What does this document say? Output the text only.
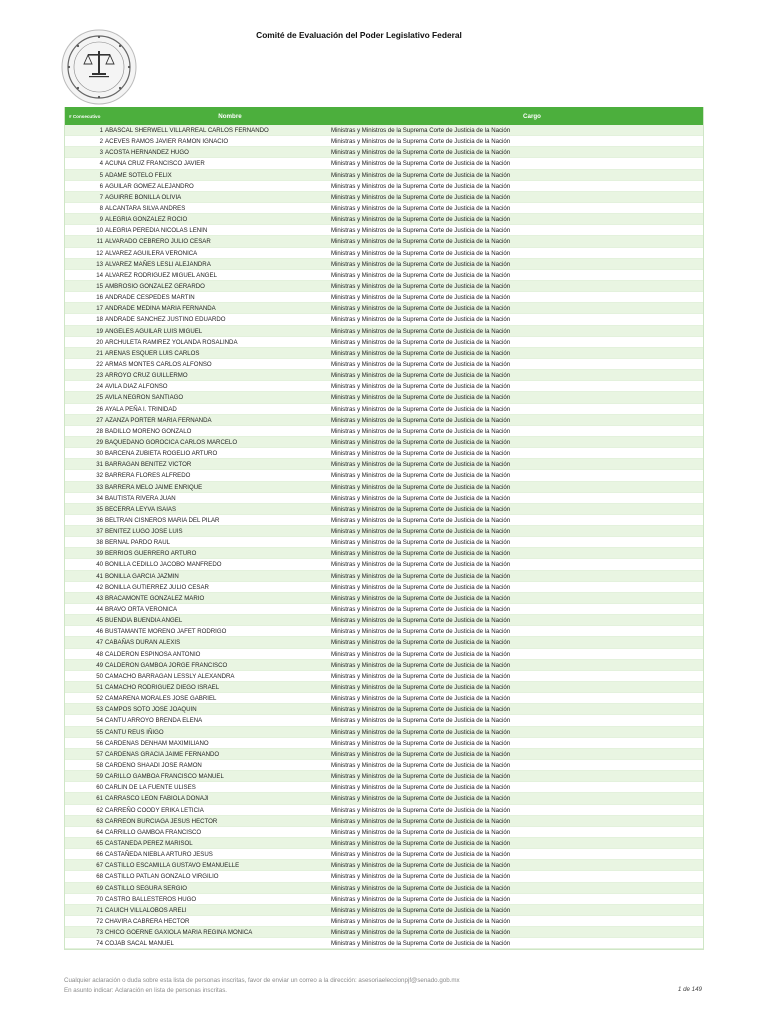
Comité de Evaluación del Poder Legislativo Federal
# Consecutivo	Nombre	Cargo
1 ABASCAL SHERWELL VILLARREAL CARLOS FERNANDO	Ministras y Ministros de la Suprema Corte de Justicia de la Nación
2 ACEVES RAMOS JAVIER RAMON IGNACIO	Ministras y Ministros de la Suprema Corte de Justicia de la Nación
3 ACOSTA HERNANDEZ HUGO	Ministras y Ministros de la Suprema Corte de Justicia de la Nación
4 ACUNA CRUZ FRANCISCO JAVIER	Ministras y Ministros de la Suprema Corte de Justicia de la Nación
5 ADAME SOTELO FELIX	Ministras y Ministros de la Suprema Corte de Justicia de la Nación
6 AGUILAR GOMEZ ALEJANDRO	Ministras y Ministros de la Suprema Corte de Justicia de la Nación
7 AGUIRRE BONILLA OLIVIA	Ministras y Ministros de la Suprema Corte de Justicia de la Nación
8 ALCANTARA SILVA ANDRES	Ministras y Ministros de la Suprema Corte de Justicia de la Nación
9 ALEGRIA GONZALEZ ROCIO	Ministras y Ministros de la Suprema Corte de Justicia de la Nación
10 ALEGRIA PEREDIA NICOLAS LENIN	Ministras y Ministros de la Suprema Corte de Justicia de la Nación
11 ALVARADO CEBRERO JULIO CESAR	Ministras y Ministros de la Suprema Corte de Justicia de la Nación
12 ALVAREZ AGUILERA VERONICA	Ministras y Ministros de la Suprema Corte de Justicia de la Nación
13 ALVAREZ MAÑES LESLI ALEJANDRA	Ministras y Ministros de la Suprema Corte de Justicia de la Nación
14 ALVAREZ RODRIGUEZ MIGUEL ANGEL	Ministras y Ministros de la Suprema Corte de Justicia de la Nación
15 AMBROSIO GONZALEZ GERARDO	Ministras y Ministros de la Suprema Corte de Justicia de la Nación
16 ANDRADE CESPEDES MARTIN	Ministras y Ministros de la Suprema Corte de Justicia de la Nación
17 ANDRADE MEDINA MARIA FERNANDA	Ministras y Ministros de la Suprema Corte de Justicia de la Nación
18 ANDRADE SANCHEZ JUSTINO EDUARDO	Ministras y Ministros de la Suprema Corte de Justicia de la Nación
19 ANGELES AGUILAR LUIS MIGUEL	Ministras y Ministros de la Suprema Corte de Justicia de la Nación
20 ARCHULETA RAMIREZ YOLANDA ROSALINDA	Ministras y Ministros de la Suprema Corte de Justicia de la Nación
21 ARENAS ESQUER LUIS CARLOS	Ministras y Ministros de la Suprema Corte de Justicia de la Nación
22 ARMAS MONTES CARLOS ALFONSO	Ministras y Ministros de la Suprema Corte de Justicia de la Nación
23 ARROYO CRUZ GUILLERMO	Ministras y Ministros de la Suprema Corte de Justicia de la Nación
24 AVILA DIAZ ALFONSO	Ministras y Ministros de la Suprema Corte de Justicia de la Nación
25 AVILA NEGRON SANTIAGO	Ministras y Ministros de la Suprema Corte de Justicia de la Nación
26 AYALA PEÑA I. TRINIDAD	Ministras y Ministros de la Suprema Corte de Justicia de la Nación
27 AZANZA PORTER MARIA FERNANDA	Ministras y Ministros de la Suprema Corte de Justicia de la Nación
28 BADILLO MORENO GONZALO	Ministras y Ministros de la Suprema Corte de Justicia de la Nación
29 BAQUEDANO GOROCICA CARLOS MARCELO	Ministras y Ministros de la Suprema Corte de Justicia de la Nación
30 BARCENA ZUBIETA ROGELIO ARTURO	Ministras y Ministros de la Suprema Corte de Justicia de la Nación
31 BARRAGAN BENITEZ VICTOR	Ministras y Ministros de la Suprema Corte de Justicia de la Nación
32 BARRERA FLORES ALFREDO	Ministras y Ministros de la Suprema Corte de Justicia de la Nación
33 BARRERA MELO JAIME ENRIQUE	Ministras y Ministros de la Suprema Corte de Justicia de la Nación
34 BAUTISTA RIVERA JUAN	Ministras y Ministros de la Suprema Corte de Justicia de la Nación
35 BECERRA LEYVA ISAIAS	Ministras y Ministros de la Suprema Corte de Justicia de la Nación
36 BELTRAN CISNEROS MARIA DEL PILAR	Ministras y Ministros de la Suprema Corte de Justicia de la Nación
37 BENITEZ LUGO JOSE LUIS	Ministras y Ministros de la Suprema Corte de Justicia de la Nación
38 BERNAL PARDO RAUL	Ministras y Ministros de la Suprema Corte de Justicia de la Nación
39 BERRIOS GUERRERO ARTURO	Ministras y Ministros de la Suprema Corte de Justicia de la Nación
40 BONILLA CEDILLO JACOBO MANFREDO	Ministras y Ministros de la Suprema Corte de Justicia de la Nación
41 BONILLA GARCIA JAZMIN	Ministras y Ministros de la Suprema Corte de Justicia de la Nación
42 BONILLA GUTIERREZ JULIO CESAR	Ministras y Ministros de la Suprema Corte de Justicia de la Nación
43 BRACAMONTE GONZALEZ MARIO	Ministras y Ministros de la Suprema Corte de Justicia de la Nación
44 BRAVO ORTA VERONICA	Ministras y Ministros de la Suprema Corte de Justicia de la Nación
45 BUENDIA BUENDIA ANGEL	Ministras y Ministros de la Suprema Corte de Justicia de la Nación
46 BUSTAMANTE MORENO JAFET RODRIGO	Ministras y Ministros de la Suprema Corte de Justicia de la Nación
47 CABAÑAS DURAN ALEXIS	Ministras y Ministros de la Suprema Corte de Justicia de la Nación
48 CALDERON ESPINOSA ANTONIO	Ministras y Ministros de la Suprema Corte de Justicia de la Nación
49 CALDERON GAMBOA JORGE FRANCISCO	Ministras y Ministros de la Suprema Corte de Justicia de la Nación
50 CAMACHO BARRAGAN LESSLY ALEXANDRA	Ministras y Ministros de la Suprema Corte de Justicia de la Nación
51 CAMACHO RODRIGUEZ DIEGO ISRAEL	Ministras y Ministros de la Suprema Corte de Justicia de la Nación
52 CAMARENA MORALES JOSE GABRIEL	Ministras y Ministros de la Suprema Corte de Justicia de la Nación
53 CAMPOS SOTO JOSE JOAQUIN	Ministras y Ministros de la Suprema Corte de Justicia de la Nación
54 CANTU ARROYO BRENDA ELENA	Ministras y Ministros de la Suprema Corte de Justicia de la Nación
55 CANTU REUS IÑIGO	Ministras y Ministros de la Suprema Corte de Justicia de la Nación
56 CARDENAS DENHAM MAXIMILIANO	Ministras y Ministros de la Suprema Corte de Justicia de la Nación
57 CARDENAS GRACIA JAIME FERNANDO	Ministras y Ministros de la Suprema Corte de Justicia de la Nación
58 CARDENO SHAADI JOSE RAMON	Ministras y Ministros de la Suprema Corte de Justicia de la Nación
59 CARILLO GAMBOA FRANCISCO MANUEL	Ministras y Ministros de la Suprema Corte de Justicia de la Nación
60 CARLIN DE LA FUENTE ULISES	Ministras y Ministros de la Suprema Corte de Justicia de la Nación
61 CARRASCO LEON FABIOLA DONAJI	Ministras y Ministros de la Suprema Corte de Justicia de la Nación
62 CARREÑO COODY ERIKA LETICIA	Ministras y Ministros de la Suprema Corte de Justicia de la Nación
63 CARREON BURCIAGA JESUS HECTOR	Ministras y Ministros de la Suprema Corte de Justicia de la Nación
64 CARRILLO GAMBOA FRANCISCO	Ministras y Ministros de la Suprema Corte de Justicia de la Nación
65 CASTANEDA PEREZ MARISOL	Ministras y Ministros de la Suprema Corte de Justicia de la Nación
66 CASTAÑEDA NIEBLA ARTURO JESUS	Ministras y Ministros de la Suprema Corte de Justicia de la Nación
67 CASTILLO ESCAMILLA GUSTAVO EMANUELLE	Ministras y Ministros de la Suprema Corte de Justicia de la Nación
68 CASTILLO PATLAN GONZALO VIRGILIO	Ministras y Ministros de la Suprema Corte de Justicia de la Nación
69 CASTILLO SEGURA SERGIO	Ministras y Ministros de la Suprema Corte de Justicia de la Nación
70 CASTRO BALLESTEROS HUGO	Ministras y Ministros de la Suprema Corte de Justicia de la Nación
71 CAUICH VILLALOBOS ARELI	Ministras y Ministros de la Suprema Corte de Justicia de la Nación
72 CHAVIRA CABRERA HECTOR	Ministras y Ministros de la Suprema Corte de Justicia de la Nación
73 CHICO GOERNE GAXIOLA MARIA REGINA MONICA	Ministras y Ministros de la Suprema Corte de Justicia de la Nación
74 COJAB SACAL MANUEL	Ministras y Ministros de la Suprema Corte de Justicia de la Nación
Cualquier aclaración o duda sobre esta lista de personas inscritas, favor de enviar un correo a la dirección: asesoriaeleccionpjf@senado.gob.mx
En asunto indicar: Aclaración en lista de personas inscritas.	1 de 149
